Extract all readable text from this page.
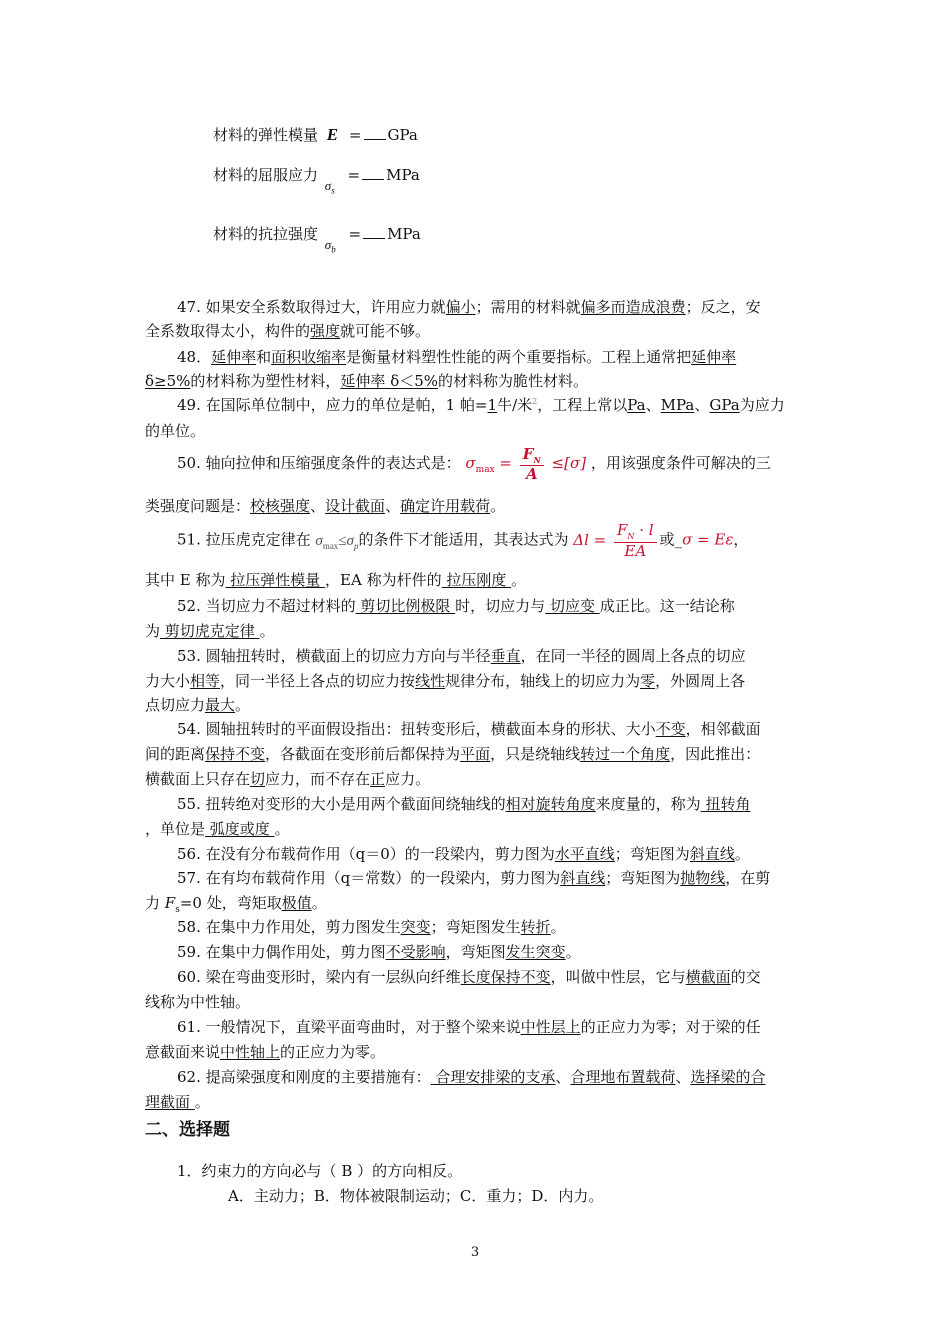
材料的弹性模量 E = GPa
材料的屈服应力 $\sigma_s$ = MPa
材料的抗拉强度 $\sigma_b$ = MPa
47. 如果安全系数取得过大，许用应力就偏小；需用的材料就偏多而造成浪费；反之，安
全系数取得太小，构件的强度就可能不够。
48．延伸率和面积收缩率是衡量材料塑性性能的两个重要指标。工程上通常把延伸率
δ≥5%的材料称为塑性材料，延伸率 δ＜5%的材料称为脆性材料。
49. 在国际单位制中，应力的单位是帕，1 帕=1牛/米$^2$，工程上常以Pa、MPa、GPa为应力
的单位。
50. 轴向拉伸和压缩强度条件的表达式是： $\sigma_{max} = \frac{F_N}{A} \le[\sigma]$ ，用该强度条件可解决的三
类强度问题是：校核强度、设计截面、确定许用载荷。
51. 拉压虎克定律在 $\sigma_{max}\le\sigma_p$的条件下才能适用，其表达式为 $\Delta l = \frac{F_N \cdot l}{EA}$ 或_σ = Eε，
其中 E 称为 拉压弹性模量 ，EA 称为杆件的 拉压刚度 。
52. 当切应力不超过材料的 剪切比例极限 时，切应力与 切应变 成正比。这一结论称
为 剪切虎克定律 。
53. 圆轴扭转时，横截面上的切应力方向与半径垂直，在同一半径的圆周上各点的切应
力大小相等，同一半径上各点的切应力按线性规律分布，轴线上的切应力为零，外圆周上各
点切应力最大。
54. 圆轴扭转时的平面假设指出：扭转变形后，横截面本身的形状、大小不变，相邻截面
间的距离保持不变，各截面在变形前后都保持为平面，只是绕轴线转过一个角度，因此推出：
横截面上只存在切应力，而不存在正应力。
55. 扭转绝对变形的大小是用两个截面间绕轴线的相对旋转角度来度量的，称为 扭转角
，单位是 弧度或度 。
56. 在没有分布载荷作用（q＝0）的一段梁内，剪力图为水平直线；弯矩图为斜直线。
57. 在有均布载荷作用（q＝常数）的一段梁内，剪力图为斜直线；弯矩图为抛物线，在剪
力 $F_s=0$ 处，弯矩取极值。
58. 在集中力作用处，剪力图发生突变；弯矩图发生转折。
59. 在集中力偶作用处，剪力图不受影响，弯矩图发生突变。
60. 梁在弯曲变形时，梁内有一层纵向纤维长度保持不变，叫做中性层，它与横截面的交
线称为中性轴。
61. 一般情况下，直梁平面弯曲时，对于整个梁来说中性层上的正应力为零；对于梁的任
意截面来说中性轴上的正应力为零。
62. 提高梁强度和刚度的主要措施有： 合理安排梁的支承、合理地布置载荷、选择梁的合
理截面 。
二、选择题
1．约束力的方向必与（ B ）的方向相反。
A．主动力；B．物体被限制运动；C．重力；D．内力。
3
